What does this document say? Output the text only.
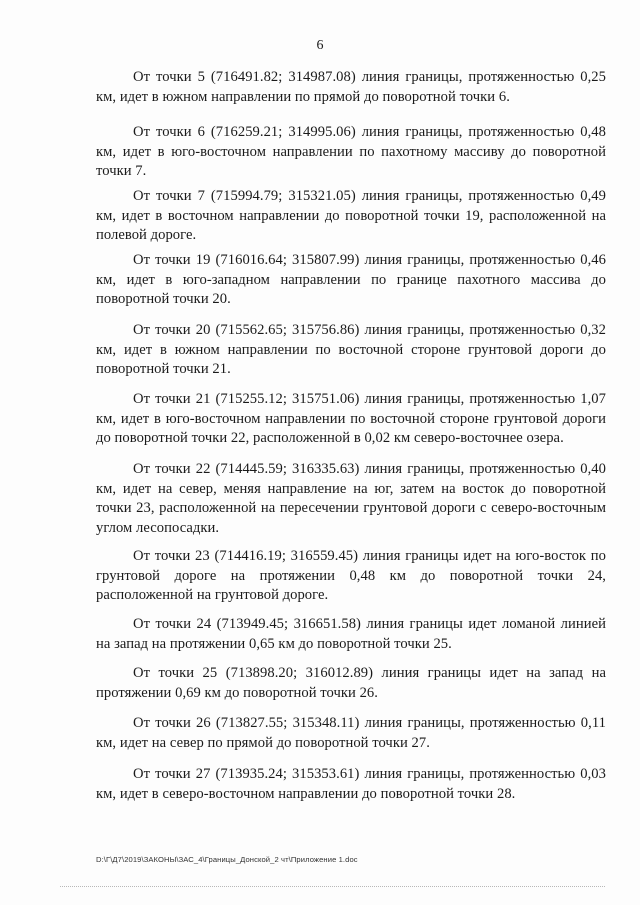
6
От точки 5 (716491.82; 314987.08) линия границы, протяженностью 0,25 км, идет в южном направлении по прямой до поворотной точки 6.
От точки 6 (716259.21; 314995.06) линия границы, протяженностью 0,48 км, идет в юго-восточном направлении по пахотному массиву до поворотной точки 7.
От точки 7 (715994.79; 315321.05) линия границы, протяженностью 0,49 км, идет в восточном направлении до поворотной точки 19, расположенной на полевой дороге.
От точки 19 (716016.64; 315807.99) линия границы, протяженностью 0,46 км, идет в юго-западном направлении по границе пахотного массива до поворотной точки 20.
От точки 20 (715562.65; 315756.86) линия границы, протяженностью 0,32 км, идет в южном направлении по восточной стороне грунтовой дороги до поворотной точки 21.
От точки 21 (715255.12; 315751.06) линия границы, протяженностью 1,07 км, идет в юго-восточном направлении по восточной стороне грунтовой дороги до поворотной точки 22, расположенной в 0,02 км северо-восточнее озера.
От точки 22 (714445.59; 316335.63) линия границы, протяженностью 0,40 км, идет на север, меняя направление на юг, затем на восток до поворотной точки 23, расположенной на пересечении грунтовой дороги с северо-восточным углом лесопосадки.
От точки 23 (714416.19; 316559.45) линия границы идет на юго-восток по грунтовой дороге на протяжении 0,48 км до поворотной точки 24, расположенной на грунтовой дороге.
От точки 24 (713949.45; 316651.58) линия границы идет ломаной линией на запад на протяжении 0,65 км до поворотной точки 25.
От точки 25 (713898.20; 316012.89) линия границы идет на запад на протяжении 0,69 км до поворотной точки 26.
От точки 26 (713827.55; 315348.11) линия границы, протяженностью 0,11 км, идет на север по прямой до поворотной точки 27.
От точки 27 (713935.24; 315353.61) линия границы, протяженностью 0,03 км, идет в северо-восточном направлении до поворотной точки 28.
D:\Г\Д7\2019\ЗАКОНЫ\ЗАС_4\Границы_Донской_2 чт\Приложение 1.doc
